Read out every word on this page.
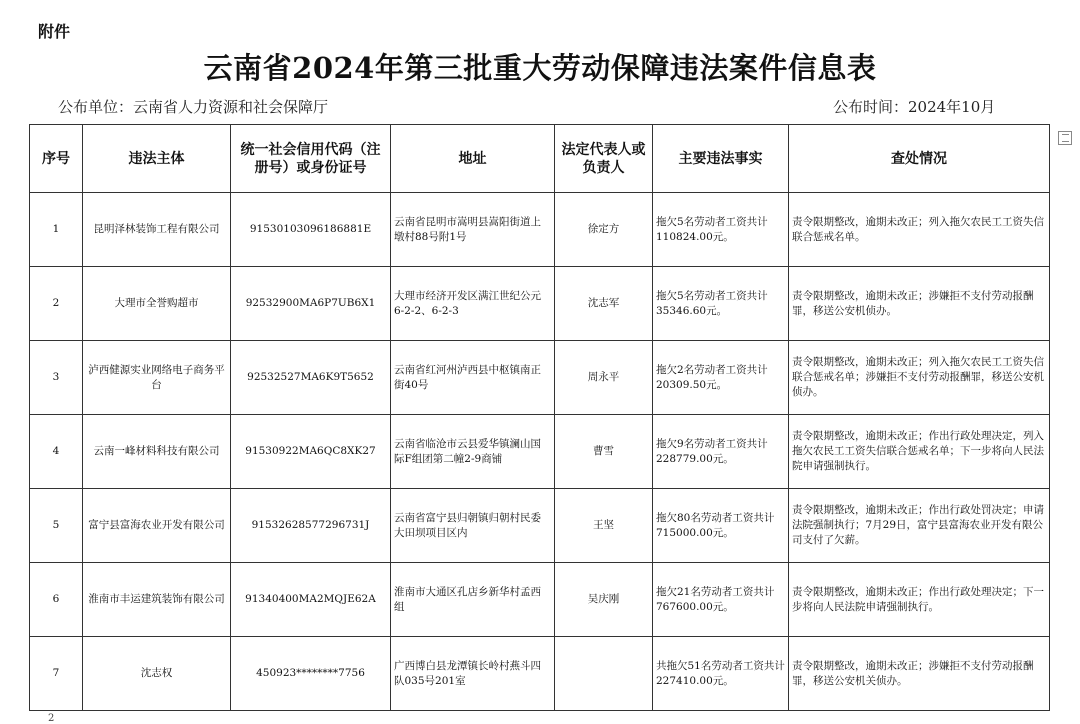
附件
云南省2024年第三批重大劳动保障违法案件信息表
公布单位：云南省人力资源和社会保障厅	公布时间：2024年10月
序号	违法主体	统一社会信用代码（注册号）或身份证号	地址	法定代表人或负责人	主要违法事实	查处情况
1	昆明泽林装饰工程有限公司	91530103096186881E	云南省昆明市嵩明县嵩阳街道上墩村88号附1号	徐定方	拖欠5名劳动者工资共计110824.00元。	责令限期整改，逾期未改正；列入拖欠农民工工资失信联合惩戒名单。
2	大理市全誉购超市	92532900MA6P7UB6X1	大理市经济开发区满江世纪公元6-2-2、6-2-3	沈志军	拖欠5名劳动者工资共计35346.60元。	责令限期整改，逾期未改正；涉嫌拒不支付劳动报酬罪，移送公安机侦办。
3	泸西健源实业网络电子商务平台	92532527MA6K9T5652	云南省红河州泸西县中枢镇南正街40号	周永平	拖欠2名劳动者工资共计20309.50元。	责令限期整改，逾期未改正；列入拖欠农民工工资失信联合惩戒名单；涉嫌拒不支付劳动报酬罪，移送公安机侦办。
4	云南一峰材料科技有限公司	91530922MA6QC8XK27	云南省临沧市云县爱华镇澜山国际F组团第二幢2-9商铺	曹雪	拖欠9名劳动者工资共计228779.00元。	责令限期整改，逾期未改正；作出行政处理决定，列入拖欠农民工工资失信联合惩戒名单；下一步将向人民法院申请强制执行。
5	富宁县富海农业开发有限公司	91532628577296731J	云南省富宁县归朝镇归朝村民委大田坝项目区内	王坚	拖欠80名劳动者工资共计715000.00元。	责令限期整改，逾期未改正；作出行政处罚决定；申请法院强制执行；7月29日，富宁县富海农业开发有限公司支付了欠薪。
6	淮南市丰运建筑装饰有限公司	91340400MA2MQJE62A	淮南市大通区孔店乡新华村孟西组	吴庆刚	拖欠21名劳动者工资共计767600.00元。	责令限期整改，逾期未改正；作出行政处理决定；下一步将向人民法院申请强制执行。
7	沈志权	450923********7756	广西博白县龙潭镇长岭村燕斗四队035号201室		共拖欠51名劳动者工资共计227410.00元。	责令限期整改，逾期未改正；涉嫌拒不支付劳动报酬罪，移送公安机关侦办。
2
